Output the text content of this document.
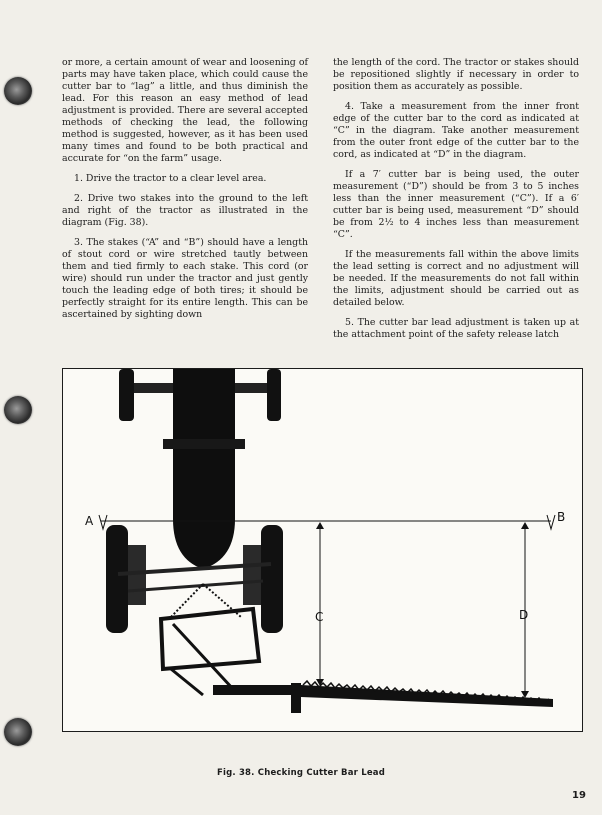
or more, a certain amount of wear and loosening of parts may have taken place, which could cause the cutter bar to “lag” a little, and thus diminish the lead. For this reason an easy method of lead adjustment is provided. There are several accepted methods of checking the lead, the following method is suggested, however, as it has been used many times and found to be both practical and accurate for “on the farm” usage.

1. Drive the tractor to a clear level area.

2. Drive two stakes into the ground to the left and right of the tractor as illustrated in the diagram (Fig. 38).

3. The stakes (“A” and “B”) should have a length of stout cord or wire stretched tautly between them and tied firmly to each stake. This cord (or wire) should run under the tractor and just gently touch the leading edge of both tires; it should be perfectly straight for its entire length. This can be ascertained by sighting down

the length of the cord. The tractor or stakes should be repositioned slightly if necessary in order to position them as accurately as possible.

4. Take a measurement from the inner front edge of the cutter bar to the cord as indicated at “C” in the diagram. Take another measurement from the outer front edge of the cutter bar to the cord, as indicated at “D” in the diagram.

If a 7′ cutter bar is being used, the outer measurement (“D”) should be from 3 to 5 inches less than the inner measurement (“C”). If a 6′ cutter bar is being used, measurement “D” should be from 2½ to 4 inches less than measurement “C”.

If the measurements fall within the above limits the lead setting is correct and no adjustment will be needed. If the measurements do not fall within the limits, adjustment should be carried out as detailed below.

5. The cutter bar lead adjustment is taken up at the attachment point of the safety release latch

A	B
C	D
Fig. 38. Checking Cutter Bar Lead
19
